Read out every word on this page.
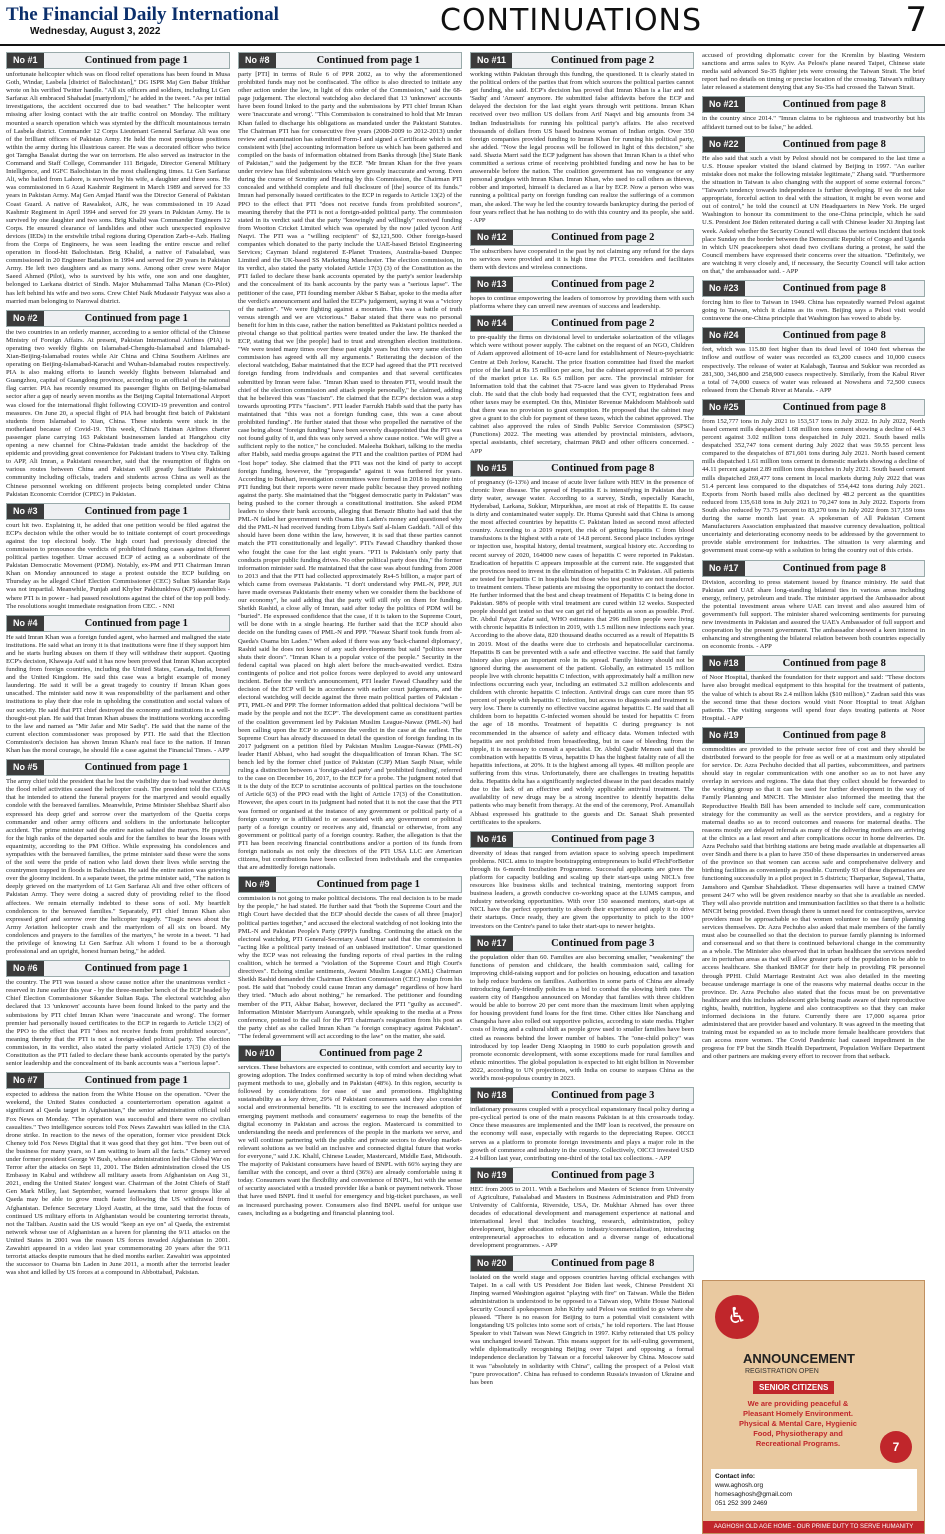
The Financial Daily International
Wednesday, August 3, 2022	CONTINUATIONS	7
No #1	Continued from page 1
unfortunate helicopter which was on flood relief operations has been found in Musa Goth, Windar, Lasbela [district of Balochistan]," DG ISPR Maj Gen Babar Iftikhar wrote on his verified Twitter handle. "All six officers and soldiers, including Lt Gen Sarfaraz Ali embraced Shahadat [martyrdom]," he added in the tweet. "As per initial investigations, the accident occurred due to bad weather." The helicopter went missing after losing contact with the air traffic control on Monday. The military mounted a search operation which was stymied by the difficult mountainous terrain of Lasbela district. Commander 12 Corps Lieutenant General Sarfaraz Ali was one of the brilliant officers of Pakistan Army. He held the most prestigious positions within the army during his illustrious career. He was a decorated officer who twice got Tamgha Basalat during the war on terrorism. He also served as instructor in the Command and Staff College, Commander 111 Brigade, Director General Military Intelligence, and IGFC Balochistan in the most challenging times. Lt Gen Sarfaraz Ali, who hailed from Lahore, is survived by his wife, a daughter and three sons. He was commissioned in 6 Azad Kashmir Regiment in March 1989 and served for 33 years in Pakistan Army. Maj Gen Amjad Hanif was the Director General of Pakistan Coast Guard. A native of Rawalakot, AJK, he was commissioned in 19 Azad Kashmir Regiment in April 1994 and served for 29 years in Pakistan Army. He is survived by one daughter and two sons. Brig Khalid was Commander Engineers 12 Corps. He ensured clearance of landslides and other such unexpected explosive devices (IEDs) in the erstwhile tribal regions during Operation Zarb-e-Azb. Hailing from the Corps of Engineers, he was seen leading the entire rescue and relief operation in flood-hit Balochistan. Brig Khalid, a native of Faisalabad, was commissioned in 20 Engineer Battalion in 1994 and served for 29 years in Pakistan Army. He left two daughters and as many sons. Among other crew were Major Saeed Ahmed (Pilot), who is survived by his wife, one son and one daughter, belonged to Larkana district of Sindh. Major Muhammad Talha Manan (Co-Pilot) has left behind his wife and two sons. Crew Chief Naik Mudassir Faiyyaz was also a married man belonging to Narowal district.
No #2	Continued from page 1
the two countries in an orderly manner, according to a senior official of the Chinese Ministry of Foreign Affairs. At present, Pakistan International Airlines (PIA) is operating two weekly flights on Islamabad-Chengdu-Islamabad and Islamabad-Xian-Beijing-Islamabad routes while Air China and China Southern Airlines are operating on Beijing-Islamabad-Karachi and Wuhan-Islamabad routes respectively. PIA is also making efforts to launch weekly flights between Islamabad and Guangzhou, capital of Guangdong province, according to an official of the national flag carrier. PIA has recently resumed its passenger flights on Beijing-Islamabad sector after a gap of nearly seven months as the Beijing Capital International Airport was closed for the international flight following COVID-19 prevention and control measures. On June 20, a special flight of PIA had brought first batch of Pakistani students from Islamabad to Xian, China. These students were stuck in the motherland because of Covid-19. This week, China's Hainan Airlines charter passenger plane carrying 163 Pakistani businessmen landed at Hangzhou city opening a new channel for China-Pakistan trade amidst the backdrop of the epidemic and providing great convenience for Pakistani traders to Yiwu city. Talking to APP, Ali Imran, a Pakistani researcher, said that the resumption of flights on various routes between China and Pakistan will greatly facilitate Pakistani community including officials, traders and students across China as well as the Chinese personnel working on different projects being completed under China Pakistan Economic Corridor (CPEC) in Pakistan.
No #3	Continued from page 1
court hit two. Explaining it, he added that one petition would be filed against the ECP's decision while the other would be to initiate contempt of court proceedings against the top electoral body. The high court had previously directed the commission to pronounce the verdicts of prohibited funding cases against different political parties together. Umar accused ECP of acting as a subordinate of the Pakistan Democratic Movement (PDM). Notably, ex-PM and PTI Chairman Imran Khan on Monday announced to stage a protest outside the ECP building on Thursday as he alleged Chief Election Commissioner (CEC) Sultan Sikandar Raja was not impartial. Meanwhile, Punjab and Khyber Pakhtunkhwa (KP) assemblies - where PTI is in power - had passed resolutions against the chief of the top poll body. The resolutions sought immediate resignation from CEC. - NNI
No #4	Continued from page 1
He said Imran Khan was a foreign funded agent, who harmed and maligned the state institutions. He said what an irony it is that institutions were fine if they support him and he starts hurling abuses on them if they will withdraw their support. Quoting ECP's decision, Khawaja Asif said it has now been proved that Imran Khan accepted funding from foreign countries, including the United States, Canada, India, Israel and the United Kingdom. He said this case was a bright example of money laundering. He said it will be a great tragedy to country if Imran Khan goes unscathed. The minister said now it was responsibility of the parliament and other institutions to play their due role in upholding the constitution and social values of our society. He said that PTI chief destroyed the economy and institutions in a well-thought-out plan. He said that Imran Khan abuses the institutions working according to the law and named as "Mir Jafar and Mir Sadiq". He said that the name of the current election commissioner was proposed by PTI. He said that the Election Commission's decision has shown Imran Khan's real face to the nation. If Imran Khan has the moral courage, he should file a case against the Financial Times. - APP
No #5	Continued from page 1
The army chief told the president that he lost the visibility due to bad weather during the flood relief activities caused the helicopter crash. The president told the COAS that he intended to attend the funeral prayers for the martyred and would equally condole with the bereaved families. Meanwhile, Prime Minister Shehbaz Sharif also expressed his deep grief and sorrow over the martyrdom of the Quetta corps commander and other army officers and soldiers in the unfortunate helicopter accident. The prime minister said the entire nation saluted the martyrs. He prayed for the high ranks of the departed souls and for the families to bear the losses with equanimity, according to the PM Office. While expressing his condolences and sympathies with the bereaved families, the prime minister said these were the sons of the soil were the pride of nation who laid down their lives while serving the countrymen trapped in floods in Balochistan. He said the entire nation was grieving over the gloomy incident. In a separate tweet, the prime minister said, "The nation is deeply grieved on the martyrdom of Lt Gen Sarfaraz Ali and five other officers of Pakistan Army. They were doing a sacred duty of providing relief to the flood affectees. We remain eternally indebted to these sons of soil. My heartfelt condolences to the bereaved families." Separately, PTI chief Imran Khan also expressed grief and sorrow over the helicopter tragedy. "Tragic news about the Army Aviation helicopter crash and the martyrdom of all six on board. My condolences and prayers to the families of the martyrs," he wrote in a tweet. "I had the privilege of knowing Lt Gen Sarfraz Ali whom I found to be a thorough professional and an upright, honest human being," he added.
No #6	Continued from page 1
the country. The PTI was issued a show cause notice after the unanimous verdict - reserved in June earlier this year - by the three-member bench of the ECP headed by Chief Election Commissioner Sikander Sultan Raja. The electoral watchdog also declared that 13 'unknown' accounts have been found linked to the party and the submissions by PTI chief Imran Khan were 'inaccurate and wrong'. The former premier had personally issued certificates to the ECP in regards to Article 13(2) of the PPO to the effect that PTI "does not receive funds from prohibited sources", meaning thereby that the PTI is not a foreign-aided political party. The election commission, in its verdict, also stated the party violated Article 17(3) (3) of the Constitution as the PTI failed to declare these bank accounts operated by the party's senior leadership and the concealment of its bank accounts was a "serious lapse".
No #7	Continued from page 1
expected to address the nation from the White House on the operation. "Over the weekend, the United States conducted a counterterrorism operation against a significant al Qaeda target in Afghanistan," the senior administration official told Fox News on Monday. "The operation was successful and there were no civilian casualties." Two intelligence sources told Fox News Zawahiri was killed in the CIA drone strike. In reaction to the news of the operation, former vice president Dick Cheney told Fox News Digital that it was good that they got him. "I've been out of the business for many years, so I am waiting to learn all the facts." Cheney served under former president George W Bush, whose administration led the Global War on Terror after the attacks on Sept 11, 2001. The Biden administration closed the US Embassy in Kabul and withdrew all military assets from Afghanistan on Aug 31, 2021, ending the United States' longest war. Chairman of the Joint Chiefs of Staff Gen Mark Milley, last September, warned lawmakers that terror groups like al Qaeda may be able to grow much faster following the US withdrawal from Afghanistan. Defence Secretary Lloyd Austin, at the time, said that the focus of continued US military efforts in Afghanistan would be countering terrorist threats, not the Taliban. Austin said the US would "keep an eye on" al Qaeda, the extremist network whose use of Afghanistan as a haven for planning the 9/11 attacks on the United States in 2001 was the reason US forces invaded Afghanistan in 2001. Zawahiri appeared in a video last year commemorating 20 years after the 9/11 terrorist attacks despite rumours that he died months earlier. Zawahiri was appointed the successor to Osama bin Laden in June 2011, a month after the terrorist leader was shot and killed by US forces at a compound in Abbottabad, Pakistan.
No #8	Continued from page 1
party [PTI] in terms of Rule 6 of PPR 2002, as to why the aforementioned prohibited funds may not be confiscated. The office is also directed to initiate any other action under the law, in light of this order of the Commission," said the 68-page judgement. The electoral watchdog also declared that 13 'unknown' accounts have been found linked to the party and the submissions by PTI chief Imran Khan were 'inaccurate and wrong'. "This Commission is constrained to hold that Mr Imran Khan failed to discharge his obligations as mandated under the Pakistani Statutes. The Chairman PTI has for consecutive five years (2008-2009 to 2012-2013) under review and examination has submitted Form-I and signed a Certificate which is not consistent with [the] accounting information before us which has been gathered and compiled on the basis of information obtained from Banks through [the] State Bank of Pakistan," said the judgement by the ECP. "Mr Imran Khan for the five years under review has filed submissions which were grossly inaccurate and wrong. Even during the course of Scrutiny and Hearing by this Commission, the Chairman PTI concealed and withheld complete and full disclosure of [the] source of its funds." Imran had personally issued certificates to the ECP in regards to Article 13(2) of the PPO to the effect that PTI "does not receive funds from prohibited sources", meaning thereby that the PTI is not a foreign-aided political party. The commission stated in its verdict said that the party "knowingly and willingly" received funding from Wootton Cricket Limited which was operated by the now jailed tycoon Arif Naqvi. The PTI was a "willing recipient" of $2,121,500. Other foreign-based companies which donated to the party include the UAE-based Bristol Engineering Services; Cayman Island registered E-Planet Trustees, Australia-based Dunpec Limited and the UK-based SS Marketing Manchester. The election commission, in its verdict, also stated the party violated Article 17(3) (3) of the Constitution as the PTI failed to declare these bank accounts operated by the party's senior leadership and the concealment of its bank accounts by the party was a "serious lapse". The petitioner of the case, PTI founding member Akbar S Babar, spoke to the media after the verdict's announcement and hailed the ECP's judgement, saying it was a "victory of the nation". "We were fighting against a mountain. This was a battle of truth versus strength and we are victorious." Babar stated that there was no personal benefit for him in this case, rather the nation benefitted as Pakistani politics needed a pivotal change so that political parties were treated under the law. He thanked the ECP, stating that we [the people] had to trust and strengthen election institutions. "We were tested many times over these past eight years but this very same election commission has agreed with all my arguments." Reiterating the decision of the electoral watchdog, Babar maintained that the ECP had agreed that the PTI received foreign funding from individuals and companies and that several certificates submitted by Imran were false. "Imran Khan used to threaten PTI, would insult the chief of the election commission and attack people personally," he claimed, adding that he believed this was "fascism". He claimed that the ECP's decision was a step towards uprooting PTI's "fascism". PTI leader Farrukh Habib said that the party has maintained that "this was not a foreign funding case, this was a case about prohibited funding". He further stated that those who propelled the narrative of the case being about "foreign funding" have been severely disappointed that the PTI was not found guilty of it, and this was only served a show cause notice. "We will give a sufficient reply to the notice," he concluded. Maleeha Bukhari, talking to the media after Habib, said media groups against the PTI and the coalition parties of PDM had "lost hope" today. She claimed that the PTI was not the kind of party to accept foreign funding, however, the "propaganda" against it was furthered for years. According to Bukhari, investigation committees were formed in 2018 to inquire into PTI funding but their reports were never made public because they proved nothing against the party. She maintained that the "biggest democratic party in Pakistan" was being pushed to the corner through a constitutional institution. She asked PDM leaders to show their bank accounts, alleging that Benazir Bhutto had said that the PML-N failed her government with Osama Bin Laden's money and questioned why did the PML-N had received funding from Libya's Saif al-Islam Gaddafi. "All of this should have been done within the law, however, it is sad that these parties cannot match the PTI constitutionally and legally". PTI's Fawad Chaudhry thanked those who fought the case for the last eight years. "PTI is Pakistan's only party that conducts proper public funding drives. No other political party does this," the former information minister said. He maintained that the case was about funding from 2008 to 2013 and that the PTI had collected approximately Rs4-5 billion, a major part of which came from overseas Pakistanis. "I don't understand why PML-N, PPP, JUI have made overseas Pakistanis their enemy when we consider them the backbone of our economy", he said adding that the party will still rely on them for funding. Sheikh Rashid, a close ally of Imran, said after today the politics of PDM will be "buried". He expressed confidence that the case, if it is taken to the Supreme Court, will be done with in a single hearing. He further said that the ECP should also decide on the funding cases of PML-N and PPP. "Nawaz Sharif took funds from al-Qaeda's Osama bin Laden." When asked if there was any 'back-channel diplomacy', Rashid said he does not know of any such developments but said "politics never shuts their doors". "Imran Khan is a popular voice of the people." Security in the federal capital was placed on high alert before the much-awaited verdict. Extra contingents of police and riot police forces were deployed to avoid any untoward incident. Before the verdict's announcement, PTI leader Fawad Chaudhry said the decision of the ECP will be in accordance with earlier court judgements, and the electoral watchdog will decide against the three main political parties of Pakistan - PTI, PML-N and PPP. The former information added that political decisions "will be made by the people and not the ECP". The development came as constituent parties of the coalition government led by Pakistan Muslim League-Nawaz (PML-N) had been calling upon the ECP to announce the verdict in the case at the earliest. The Supreme Court has already discussed in detail the question of foreign funding in its 2017 judgment on a petition filed by Pakistan Muslim League-Nawaz (PML-N) leader Hanif Abbasi, who had sought the disqualification of Imran Khan. The SC bench led by the former chief justice of Pakistan (CJP) Mian Saqib Nisar, while ruling a distinction between a 'foreign-aided party' and 'prohibited funding', referred to the case on December 16, 2017, to the ECP for a probe. The judgment noted that it is the duty of the ECP to scrutinise accounts of political parties on the touchstone of Article 6(3) of the PPO read with the light of Article 17(3) of the Constitution. However, the apex court in its judgment had noted that it is not the case that the PTI was formed or organised at the instance of any government or political party of a foreign country or is affiliated to or associated with any government or political party of a foreign country or receives any aid, financial or otherwise, from any government or political party of a foreign country. Rather, the allegation is that the PTI has been receiving financial contributions and/or a portion of its funds from foreign nationals as not only the directors of the PTI USA LLC are American citizens, but contributions have been collected from individuals and the companies that are admittedly foreign nationals.
No #9	Continued from page 1
commission is not going to make political decisions. The real decision is to be made by the people," he had stated. He further said that "both the Supreme Court and the High Court have decided that the ECP should decide the cases of all three [major] political parties together," and accused the electoral watchdog of not looking into the PML-N and Pakistan People's Party (PPP)'s funding. Continuing the attack on the electoral watchdog, PTI General-Secretary Asad Umar said that the commission is "acting like a political party instead of an unbiased institution". Umar questioned why the ECP was not releasing the funding reports of rival parties in the ruling coalition, which he termed a "violation of the Supreme Court and High Court's directives". Echoing similar sentiments, Awami Muslim League (AML) Chairman Sheikh Rashid demanded the Chairman Election Commission (CEC) resign from his post. He said that "nobody could cause Imran any damage" regardless of how hard they tried. "Much ado about nothing," he remarked. The petitioner and founding member of the PTI, Akbar Babar, however, declared the PTI "guilty as accused". Information Minister Marriyum Aurangzeb, while speaking to the media at a Press conference, pointed to the call for the PTI chairman's resignation from his post as the party chief as she called Imran Khan "a foreign conspiracy against Pakistan". "The federal government will act according to the law" on the matter, she said.
No #10	Continued from page 2
services. These behaviors are expected to continue, with comfort and security key to growing adoption. The Index confirmed security is top of mind when deciding what payment methods to use, globally and in Pakistan (48%). In this region, security is followed by considerations for ease of use and promotions. Highlighting sustainability as a key driver, 29% of Pakistani consumers said they also consider social and environmental benefits. "It is exciting to see the increased adoption of emerging payment methods and consumers' eagerness to reap the benefits of the digital economy in Pakistan and across the region. Mastercard is committed to understanding the needs and preferences of the people in the markets we serve, and we will continue partnering with the public and private sectors to develop market-relevant solutions as we build an inclusive and connected digital future that works for everyone," said J.K. Khalil, Chinese Leader, Mastercard, Middle East, Midsouth. The majority of Pakistani consumers have heard of BNPL with 66% saying they are familiar with the concept, and over a third (36%) are already comfortable using it today. Consumers want the flexibility and convenience of BNPL, but with the sense of security associated with a trusted provider like a bank or payment network. Those that have used BNPL find it useful for emergency and big-ticket purchases, as well as increased purchasing power. Consumers also find BNPL useful for unique use cases, including as a budgeting and financial planning tool.
No #11	Continued from page 2
working within Pakistan through this funding, the questioned. It is clearly stated in the political orders of the parties that from which sources the political parties cannot get funding, she said. ECP's decision has proved that Imran Khan is a liar and not 'Sadiq' and 'Ameen' anymore. He submitted false affidavits before the ECP and delayed the decision for the last eight years through writ petitions. Imran Khan received over two million US dollars from Arif Naqvi and big amounts from 34 Indian Industrialists for running his political party's affairs. He also received thousands of dollars from US based business woman of Indian origin. Over 350 foreign companies provided funding to Imran Khan for running his political party, she added. "Now the legal process will be followed in light of this decision," she said. Shazia Marri said the ECP judgment has shown that Imran Khan is a thief who committed a serious crime of receiving prohibited funding and now he has to be answerable before the nation. The coalition government has no vengeance or any personal grudges with Imran Khan. Imran Khan, who used to call others as thieves, robber and imported, himself is declared as a liar by ECP. Now a person who was running a political party on foreign funding can realize the sufferings of a common man, she asked. The way he led the country towards bankruptcy during the period of four years reflect that he has nothing to do with this country and its people, she said. - APP
No #12	Continued from page 2
The subscribers have cooperated in the past by not claiming any refund for the days no services were provided and it is high time the PTCL considers and facilitates them with devices and wireless connections.
No #13	Continued from page 2
hopes to continue empowering the leaders of tomorrow by providing them with such platforms where they can unveil new avenues of success and leadership.
No #14	Continued from page 2
to pre-qualify the firms on divisional level to undertake solarization of the villages which were without power supply. The cabinet on the request of an NGO, Children of Adam approved allotment of 10-acre land for establishment of Neuro-psychiatric Centre at Deh Jorlow, Karachi. The price fixation committee had fixed the market price of the land at Rs 15 million per acre, but the cabinet approved it at 50 percent of the market price i.e. Rs 6.5 million per acre. The provincial minister for Information told that the cabinet that 75-acre land was given to Hyderabad Press club. He said that the club body had requested that the CVT, registration fees and other taxes may be exempted. On this, Minister Revenue Makhdoom Mahboob said that there was no provision to grant exemption. He proposed that the cabinet may give a grant to the club for payment of these taxes, which the cabinet approved. The cabinet also approved the rules of Sindh Public Service Commission (SPSC) (Functions) 2022. The meeting was attended by provincial ministers, advisors, special assistants, chief secretary, chairman P&D and other officers concerned. - APP
No #15	Continued from page 8
of pregnancy (6-13%) and incase of acute liver failure with HEV in the presence of chronic liver disease. The spread of Hepatitis E is intensifying in Pakistan due to dirty water, sewage water. According to a survey, Sindh, especially Karachi, Hyderabad, Larkana, Sukkur, Mirpurkhas, are most at risk of Hepatitis E. Its cause is dirty and contaminated water supply. Dr. Huma Qureshi said that China is among the most affected countries by hepatitis C. Pakistan listed as second most affected country. According to a 2019 report, the risk of getting hepatitis C from blood transfusions is the highest with a rate of 14.8 percent. Second place includes syringe or injection use, hospital history, dental treatment, surgical history etc. According to recent survey of 2020, 164000 new cases of hepatitis C were reported in Pakistan. Eradication of hepatitis C appears impossible at the current rate. He suggested that the provinces need to invest in the elimination of hepatitis C in Pakistan. All patients are tested for hepatitis C in hospitals but those who test positive are not transferred to treatment centers. These patients are missing the opportunity to contact the doctor. He further informed that the best and cheap treatment of Hepatitis C is being done in Pakistan. 98% of people with viral treatment are cured within 12 weeks. Suspected people should get tested so that we can get rid of hepatitis as soon as possible. Prof. Dr. Abdul Faiyaz Zafar said, WHO estimates that 296 million people were living with chronic hepatitis B infection in 2019, with 1.5 million new infections each year. According to the above data, 820 thousand deaths occurred as a result of Hepatitis B in 2019. Most of the deaths were due to cirrhosis and hepatocellular carcinoma. Hepatitis B can be prevented with a safe and effective vaccine. He said that family history also plays an important role in its spread. Family history should not be ignored during the assessment of the patient. Globally, an estimated 15 million people live with chronic hepatitis C infection, with approximately half a million new infections occurring each year, including an estimated 3.2 million adolescents and children with chronic hepatitis C infection. Antiviral drugs can cure more than 95 percent of people with hepatitis C infection, but access to diagnosis and treatment is very low. There is currently no effective vaccine against hepatitis C. He said that all children born to hepatitis C-infected women should be tested for hepatitis C from the age of 18 months. Treatment of hepatitis C during pregnancy is not recommended in the absence of safety and efficacy data. Women infected with hepatitis are not prohibited from breastfeeding, but in case of bleeding from the nipple, it is necessary to consult a specialist. Dr. Abdul Qadir Memon said that in combination with hepatitis B virus, hepatitis D has the highest fatality rate of all the hepatitis infections, at 20%. It is the highest among all types. 48 million people are suffering from this virus. Unfortunately, there are challenges in treating hepatitis delta. Hepatitis delta has a significantly neglected disease in the past decades mainly due to the lack of an effective and widely applicable antiviral treatment. The availability of new drugs may be a strong incentive to identify hepatitis delta patients who may benefit from therapy. At the end of the ceremony, Prof. Amanullah Abbasi expressed his gratitude to the guests and Dr. Sanaat Shah presented certificates to the speakers.
No #16	Continued from page 3
diversity of ideas that ranged from aviation space to solving speech impediment problems. NICL aims to inspire bootstrapping entrepreneurs to build #TechForBetter through its 6-month Incubation Programme. Successful applicants are given the platform for capacity building and scaling up their start-ups using NICL's free resources like business skills and technical training, mentoring support from business leaders, a growth conducive co-working space at the LUMS campus, and industry networking opportunities. With over 150 seasoned mentors, start-ups at NICL have the perfect opportunity to absorb their experience and apply it to drive their startups. Once ready, they are given the opportunity to pitch to the 100+ investors on the Centre's panel to take their start-ups to newer heights.
No #17	Continued from page 3
the population older than 60. Families are also becoming smaller, "weakening" the functions of pension and childcare, the health commission said, calling for improving child-raising support and for policies on housing, education and taxation to help reduce burdens on families. Authorities in some parts of China are already introducing family-friendly policies in a bid to combat the slowing birth rate. The eastern city of Hangzhou announced on Monday that families with three children would be able to borrow 20 per cent more than the maximum limit when applying for housing provident fund loans for the first time. Other cities like Nanchang and Changsha have also rolled out supportive policies, according to state media. Higher costs of living and a cultural shift as people grow used to smaller families have been cited as reasons behind the lower number of babies. The "one-child policy" was introduced by top leader Deng Xiaoping in 1980 to curb population growth and promote economic development, with some exceptions made for rural families and ethnic minorities. The global population is expected to hit eight billion in November 2022, according to UN projections, with India on course to surpass China as the world's most-populous country in 2023.
No #18	Continued from page 3
inflationary pressures coupled with a procyclical expansionary fiscal policy during a pre-cyclical period is one of the main reasons Pakistan is at this crossroads today. Once these measures are implemented and the IMF loan is received, the pressure on the economy will ease, especially with regards to the depreciating Rupee. OICCI serves as a platform to promote foreign investments and plays a major role in the growth of commerce and industry in the country. Collectively, OICCI invested USD 2.4 billion last year, contributing one-third of the total tax collections. - APP
No #19	Continued from page 3
HEC from 2005 to 2011. With a Bachelors and Masters of Science from University of Agriculture, Faisalabad and Masters in Business Administration and PhD from University of California, Riverside, USA, Dr. Mukhtar Ahmed has over three decades of educational development and management experience at national and international level that includes teaching, research, administration, policy development, higher education reforms to industry/commercialization, introducing entrepreneurial approaches to education and a diverse range of educational development programmes. - APP
No #20	Continued from page 8
isolated on the world stage and opposes countries having official exchanges with Taipei. In a call with US President Joe Biden last week, Chinese President Xi Jinping warned Washington against "playing with fire" on Taiwan. While the Biden administration is understood to be opposed to a Taiwan stop, White House National Security Council spokesperson John Kirby said Pelosi was entitled to go where she pleased. "There is no reason for Beijing to turn a potential visit consistent with longstanding US policies into some sort of crisis," he told reporters. The last House Speaker to visit Taiwan was Newt Gingrich in 1997. Kirby reiterated that US policy was unchanged toward Taiwan. This means support for its self-ruling government, while diplomatically recognising Beijing over Taipei and opposing a formal independence declaration by Taiwan or a forceful takeover by China. Moscow said it was "absolutely in solidarity with China", calling the prospect of a Pelosi visit "pure provocation". China has refused to condemn Russia's invasion of Ukraine and has been
accused of providing diplomatic cover for the Kremlin by blasting Western sanctions and arms sales to Kyiv. As Pelosi's plane neared Taipei, Chinese state media said advanced Su-35 fighter jets were crossing the Taiwan Strait. The brief report had no details on timing or precise location of the crossing. Taiwan's military later released a statement denying that any Su-35s had crossed the Taiwan Strait.
No #21	Continued from page 8
in the country since 2014." "Imran claims to be righteous and trustworthy but his affidavit turned out to be false," he added.
No #22	Continued from page 8
He also said that such a visit by Pelosi should not be compared to the last time a U.S. House speaker visited the island claimed by Beijing in 1997. "An earlier mistake does not make the following mistake legitimate," Zhang said. "Furthermore the situation in Taiwan is also changing with the support of some external forces." "Taiwan's tendency towards independence is further developing. If we do not take appropriate, forceful action to deal with the situation, it might be even worse and out of control," he told the council at UN Headquarters in New York. He urged Washington to honour its commitment to the one-China principle, which he said U.S. President Joe Biden reiterated during a call with Chinese leader Xi Jinping last week. Asked whether the Security Council will discuss the serious incident that took place Sunday on the border between the Democratic Republic of Congo and Uganda in which UN peacekeepers shot dead two civilians during a protest, he said the Council members have expressed their concerns over the situation. "Definitely, we are watching it very closely and, if necessary, the Security Council will take action on that," the ambassador said. - APP
No #23	Continued from page 8
forcing him to flee to Taiwan in 1949. China has repeatedly warned Pelosi against going to Taiwan, which it claims as its own. Beijing says a Pelosi visit would contravene the one-China principle that Washington has vowed to abide by.
No #24	Continued from page 8
feet, which was 115.80 feet higher than its dead level of 1040 feet whereas the inflow and outflow of water was recorded as 63,200 cusecs and 10,000 cusecs respectively. The release of water at Kalabagh, Taunsa and Sukkur was recorded as 281,300, 346,800 and 258,900 cusecs respectively. Similarly, from the Kabul River a total of 74,000 cusecs of water was released at Nowshera and 72,500 cusecs released from the Chenab River at Marala. - APP
No #25	Continued from page 8
from 152,777 tons in July 2021 to 153,517 tons in July 2022. In July 2022, North based cement mills despatched 1.68 million tons cement showing a decline of 44.3 percent against 3.02 million tons despatched in July 2021. South based mills despatched 352,747 tons cement during July 2022 that was 59.55 percent less compared to the despatches of 871,601 tons during July 2021. North based cement mills dispatched 1.61 million tons cement in domestic markets showing a decline of 44.11 percent against 2.89 million tons dispatches in July 2021. South based cement mills dispatched 269,477 tons cement in local markets during July 2022 that was 51.4 percent less compared to the dispatches of 554,442 tons during July 2021. Exports from North based mills also declined by 48.2 percent as the quantities reduced from 135,618 tons in July 2021 to 70,247 tons in July 2022. Exports from South also reduced by 73.75 percent to 83,270 tons in July 2022 from 317,159 tons during the same month last year. A spokesman of All Pakistan Cement Manufacturers Association emphasized that massive currency devaluation, political uncertainty and deteriorating economy needs to be addressed by the government to provide stable environment for industries. The situation is very alarming and government must come-up with a solution to bring the country out of this crisis.
No #17	Continued from page 8
Division, according to press statement issued by finance ministry. He said that Pakistan and UAE share long-standing bilateral ties in various areas including energy, refinery, petroleum and trade. The minister apprised the Ambassador about the potential investment areas where UAE can invest and also assured him of government's full support. The minister shared welcoming sentiments for pursuing new investments in Pakistan and assured the UAE's Ambassador of full support and cooperation by the present government. The ambassador showed a keen interest in enhancing and strengthening the bilateral relation between both countries especially on economic fronts. - APP
No #18	Continued from page 8
of Noor Hospital, thanked the foundation for their support and said: "These doctors have also brought medical equipment to this hospital for the treatment of patients, the value of which is about Rs 2.4 million lakhs ($10 million)." Zadran said this was the second time that these doctors would visit Noor Hospital to treat Afghan patients. The visiting surgeons will spend four days treating patients at Noor Hospital. - APP
No #19	Continued from page 8
commodities are provided to the private sector free of cost and they should be distributed forward to the people for free as well or at a maximum only stipulated for service. Dr. Azra Pechuho decided that all parties, subcommittees, and partners should stay in regular communication with one another so as to not have any overlap in services and regions. The data that they collect should be forwarded to the working group so that it can be used for further development in the way of Family Planning and MNCH. The Minister also informed the meeting that the Reproductive Health Bill has been amended to include self care, communication strategy for the community as well as the service providers, and a registry for maternal deaths so as to record outcomes and reasons for maternal deaths. The reasons mostly are delayed referrals as many of the delivering mothers are arriving at the clinics as a last resort and after complications occur in home deliveries. Dr. Azra Pechuho said that birthing stations are being made available at dispensaries all over Sindh and there is a plan to have 350 of these dispensaries in underserved areas of the province so that women can access safe and comprehensive delivery and birthing facilities as conveniently as possible. Currently 93 of these dispensaries are functioning successfully in a pilot project in 5 districts; Tharparkar, Sujawal, Thatta, Jamshoro and Qambar Shahdadkot. These dispensaries will have a trained CMW present 24/7 who will be given residence nearby so that she is available as needed. They will also provide nutrition and immunisation facilities so that there is a holistic MNCH being provided. Even though there is unmet need for contraceptives, service providers must be approachable so that women volunteer to use family planning services themselves. Dr. Azra Pechuho also asked that male members of the family must also be counselled so that the decision to pursue family planning is informed and consensual and so that there is continued behavioral change in the community as a whole. The Minister also observed that in urban healthcare the services needed are in periurban areas as that will allow greater parts of the population to be able to access healthcare. She thanked BMGF for their help in providing FR personnel through PPHI. Child Marriage Restraint Act was also detailed in the meeting because underage marriage is one of the reasons why maternal deaths occur in the province. Dr. Azra Pechuho also stated that the focus must be on preventative healthcare and this includes adolescent girls being made aware of their reproductive rights, health, nutrition, hygiene and also contraceptives so that they can make informed decisions in the future. Currently there are 17,000 sq.area prior administered that are provider based and voluntary. It was agreed in the meeting that training must be expanded so as to include more female healthcare providers that can access more women. The Covid Pandemic had caused impediment in the progress for FP but the Sindh Health Department, Population Welfare Department and other partners are making every effort to recover from that setback.
♿
ANNOUNCEMENT
REGISTRATION OPEN
SENIOR CITIZENS
We are providing peaceful & Pleasant Homely Environment. Physical & Mental Care, Hygienic Food, Physiotherapy and Recreational Programs.	7
Contact info:
www.aghosh.org
homesaghosh@gmail.com
051 252 399 2469
AAGHOSH OLD AGE HOME - OUR PRIME DUTY TO SERVE HUMANITY
